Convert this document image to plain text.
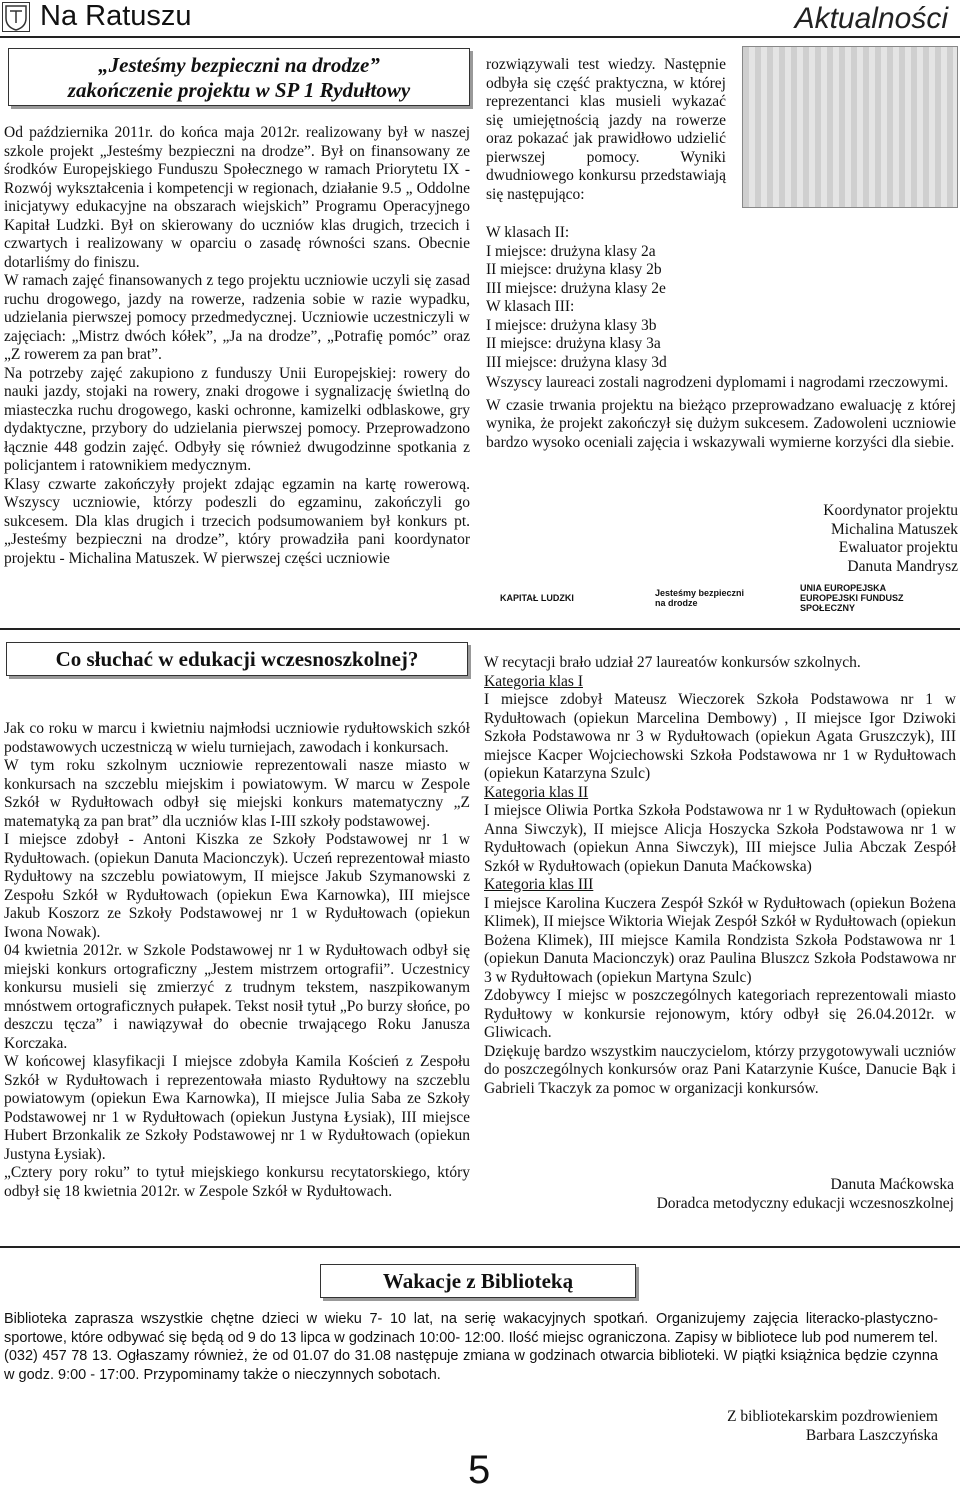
Na Ratuszu	Aktualności
„Jesteśmy bezpieczni na drodze” zakończenie projektu w SP 1 Rydułtowy

Od października 2011r. do końca maja 2012r. realizowany był w naszej szkole projekt „Jesteśmy bezpieczni na drodze”. Był on finansowany ze środków Europejskiego Funduszu Społecznego w ramach Priorytetu IX - Rozwój wykształcenia i kompetencji w regionach, działanie 9.5 „ Oddolne inicjatywy edukacyjne na obszarach wiejskich” Programu Operacyjnego Kapitał Ludzki. Był on skierowany do uczniów klas drugich, trzecich i czwartych i realizowany w oparciu o zasadę równości szans. Obecnie dotarliśmy do finiszu.

W ramach zajęć finansowanych z tego projektu uczniowie uczyli się zasad ruchu drogowego, jazdy na rowerze, radzenia sobie w razie wypadku, udzielania pierwszej pomocy przedmedycznej. Uczniowie uczestniczyli w zajęciach: „Mistrz dwóch kółek”, „Ja na drodze”, „Potrafię pomóc” oraz „Z rowerem za pan brat”.

Na potrzeby zajęć zakupiono z funduszy Unii Europejskiej: rowery do nauki jazdy, stojaki na rowery, znaki drogowe i sygnalizację świetlną do miasteczka ruchu drogowego, kaski ochronne, kamizelki odblaskowe, gry dydaktyczne, przybory do udzielania pierwszej pomocy. Przeprowadzono łącznie 448 godzin zajęć. Odbyły się również dwugodzinne spotkania z policjantem i ratownikiem medycznym.

Klasy czwarte zakończyły projekt zdając egzamin na kartę rowerową. Wszyscy uczniowie, którzy podeszli do egzaminu, zakończyli go sukcesem. Dla klas drugich i trzecich podsumowaniem był konkurs pt. „Jesteśmy bezpieczni na drodze”, który prowadziła pani koordynator projektu - Michalina Matuszek. W pierwszej części uczniowie

rozwiązywali test wiedzy. Następnie odbyła się część praktyczna, w której reprezentanci klas musieli wykazać się umiejętnością jazdy na rowerze oraz pokazać jak prawidłowo udzielić pierwszej pomocy. Wyniki dwudniowego konkursu przedstawiają się następująco:

W klasach II:

I miejsce: drużyna klasy 2a

II miejsce: drużyna klasy 2b

III miejsce: drużyna klasy 2e

W klasach III:

I miejsce: drużyna klasy 3b

II miejsce: drużyna klasy 3a

III miejsce: drużyna klasy 3d

Wszyscy laureaci zostali nagrodzeni dyplomami i nagrodami rzeczowymi.

W czasie trwania projektu na bieżąco przeprowadzano ewaluację z której wynika, że projekt zakończył się dużym sukcesem. Zadowoleni uczniowie bardzo wysoko oceniali zajęcia i wskazywali wymierne korzyści dla siebie.

Koordynator projektu

Michalina Matuszek

Ewaluator projektu

Danuta Mandrysz

KAPITAŁ LUDZKI	Jesteśmy bezpieczni na drodze
UNIA EUROPEJSKA EUROPEJSKI FUNDUSZ SPOŁECZNY
Co słuchać w edukacji wczesnoszkolnej?

Jak co roku w marcu i kwietniu najmłodsi uczniowie rydułtowskich szkół podstawowych uczestniczą w wielu turniejach, zawodach i konkursach.

W tym roku szkolnym uczniowie reprezentowali nasze miasto w konkursach na szczeblu miejskim i powiatowym. W marcu w Zespole Szkół w Rydułtowach odbył się miejski konkurs matematyczny „Z matematyką za pan brat” dla uczniów klas I-III szkoły podstawowej.

I miejsce zdobył - Antoni Kiszka ze Szkoły Podstawowej nr 1 w Rydułtowach. (opiekun Danuta Macionczyk). Uczeń reprezentował miasto Rydułtowy na szczeblu powiatowym, II miejsce Jakub Szymanowski z Zespołu Szkół w Rydułtowach (opiekun Ewa Karnowka), III miejsce Jakub Koszorz ze Szkoły Podstawowej nr 1 w Rydułtowach (opiekun Iwona Nowak).

04 kwietnia 2012r. w Szkole Podstawowej nr 1 w Rydułtowach odbył się miejski konkurs ortograficzny „Jestem mistrzem ortografii”. Uczestnicy konkursu musieli się zmierzyć z trudnym tekstem, naszpikowanym mnóstwem ortograficznych pułapek. Tekst nosił tytuł „Po burzy słońce, po deszczu tęcza” i nawiązywał do obecnie trwającego Roku Janusza Korczaka.

W końcowej klasyfikacji I miejsce zdobyła Kamila Koścień z Zespołu Szkół w Rydułtowach i reprezentowała miasto Rydułtowy na szczeblu powiatowym (opiekun Ewa Karnowka), II miejsce Julia Saba ze Szkoły Podstawowej nr 1 w Rydułtowach (opiekun Justyna Łysiak), III miejsce Hubert Brzonkalik ze Szkoły Podstawowej nr 1 w Rydułtowach (opiekun Justyna Łysiak).

„Cztery pory roku” to tytuł miejskiego konkursu recytatorskiego, który odbył się 18 kwietnia 2012r. w Zespole Szkół w Rydułtowach.

W recytacji brało udział 27 laureatów konkursów szkolnych.

Kategoria klas I

I miejsce zdobył Mateusz Wieczorek Szkoła Podstawowa nr 1 w Rydułtowach (opiekun Marcelina Dembowy) , II miejsce Igor Dziwoki Szkoła Podstawowa nr 3 w Rydułtowach (opiekun Agata Gruszczyk), III miejsce Kacper Wojciechowski Szkoła Podstawowa nr 1 w Rydułtowach (opiekun Katarzyna Szulc)

Kategoria klas II

I miejsce Oliwia Portka Szkoła Podstawowa nr 1 w Rydułtowach (opiekun Anna Siwczyk), II miejsce Alicja Hoszycka Szkoła Podstawowa nr 1 w Rydułtowach (opiekun Anna Siwczyk), III miejsce Julia Abczak Zespół Szkół w Rydułtowach (opiekun Danuta Maćkowska)

Kategoria klas III

I miejsce Karolina Kuczera Zespół Szkół w Rydułtowach (opiekun Bożena Klimek), II miejsce Wiktoria Wiejak Zespół Szkół w Rydułtowach (opiekun Bożena Klimek), III miejsce Kamila Rondzista Szkoła Podstawowa nr 1 (opiekun Danuta Macionczyk) oraz Paulina Bluszcz Szkoła Podstawowa nr 3 w Rydułtowach (opiekun Martyna Szulc)

Zdobywcy I miejsc w poszczególnych kategoriach reprezentowali miasto Rydułtowy w konkursie rejonowym, który odbył się 26.04.2012r. w Gliwicach.

Dziękuję bardzo wszystkim nauczycielom, którzy przygotowywali uczniów do poszczególnych konkursów oraz Pani Katarzynie Kuśce, Danucie Bąk i Gabrieli Tkaczyk za pomoc w organizacji konkursów.

Danuta Maćkowska

Doradca metodyczny edukacji wczesnoszkolnej

Wakacje z Biblioteką

Biblioteka zaprasza wszystkie chętne dzieci w wieku 7- 10 lat, na serię wakacyjnych spotkań. Organizujemy zajęcia literacko-plastyczno-sportowe, które odbywać się będą od 9 do 13 lipca w godzinach 10:00- 12:00. Ilość miejsc ograniczona. Zapisy w bibliotece lub pod numerem tel. (032) 457 78 13. Ogłaszamy również, że od 01.07 do 31.08 następuje zmiana w godzinach otwarcia biblioteki. W piątki książnica będzie czynna w godz. 9:00 - 17:00. Przypominamy także o nieczynnych sobotach.

Z bibliotekarskim pozdrowieniem

Barbara Laszczyńska

5
